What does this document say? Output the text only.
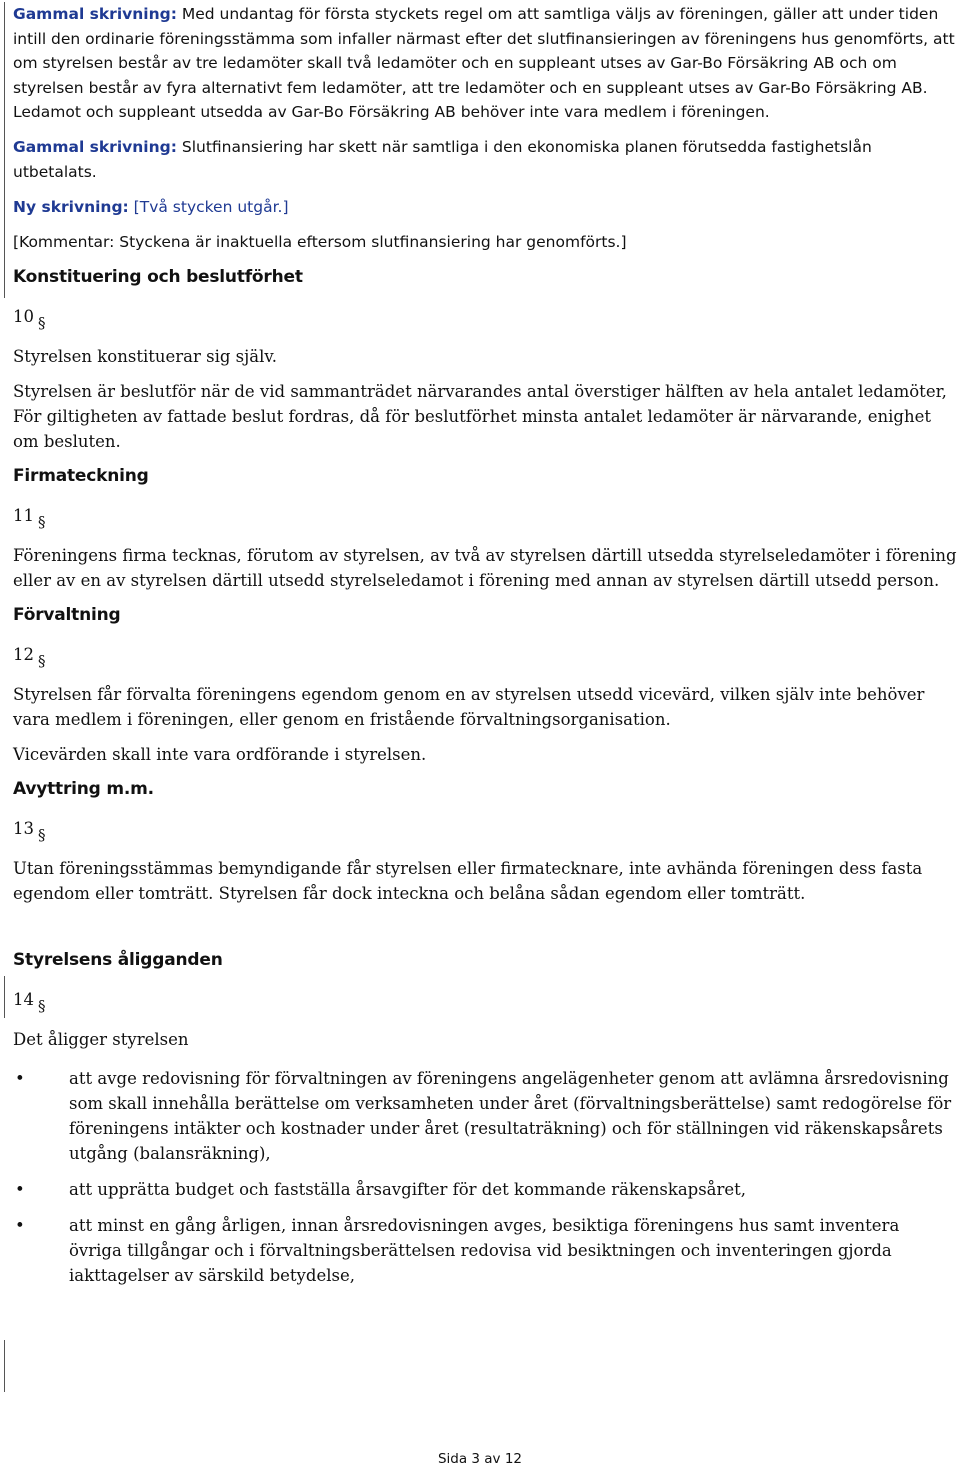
Gammal skrivning: Med undantag för första styckets regel om att samtliga väljs av föreningen, gäller att under tiden intill den ordinarie föreningsstämma som infaller närmast efter det slutfinansieringen av föreningens hus genomförts, att om styrelsen består av tre ledamöter skall två ledamöter och en suppleant utses av Gar-Bo Försäkring AB och om styrelsen består av fyra alternativt fem ledamöter, att tre ledamöter och en suppleant utses av Gar-Bo Försäkring AB. Ledamot och suppleant utsedda av Gar-Bo Försäkring AB behöver inte vara medlem i föreningen.

Gammal skrivning: Slutfinansiering har skett när samtliga i den ekonomiska planen förutsedda fastighetslån utbetalats.

Ny skrivning: [Två stycken utgår.]

[Kommentar: Styckena är inaktuella eftersom slutfinansiering har genomförts.]

Konstituering och beslutförhet
10 §

Styrelsen konstituerar sig själv.

Styrelsen är beslutför när de vid sammanträdet närvarandes antal överstiger hälften av hela antalet ledamöter, För giltigheten av fattade beslut fordras, då för beslutförhet minsta antalet ledamöter är närvarande, enighet om besluten.

Firmateckning
11 §

Föreningens firma tecknas, förutom av styrelsen, av två av styrelsen därtill utsedda styrelseledamöter i förening eller av en av styrelsen därtill utsedd styrelseledamot i förening med annan av styrelsen därtill utsedd person.

Förvaltning
12 §

Styrelsen får förvalta föreningens egendom genom en av styrelsen utsedd vicevärd, vilken själv inte behöver vara medlem i föreningen, eller genom en fristående förvaltningsorganisation.

Vicevärden skall inte vara ordförande i styrelsen.

Avyttring m.m.
13 §

Utan föreningsstämmas bemyndigande får styrelsen eller firmatecknare, inte avhända föreningen dess fasta egendom eller tomträtt. Styrelsen får dock inteckna och belåna sådan egendom eller tomträtt.

Styrelsens åligganden
14 §

Det åligger styrelsen

•	att avge redovisning för förvaltningen av föreningens angelägenheter genom att avlämna årsredovisning som skall innehålla berättelse om verksamheten under året (förvaltningsberättelse) samt redogörelse för föreningens intäkter och kostnader under året (resultaträkning) och för ställningen vid räkenskapsårets utgång (balansräkning),
•	att upprätta budget och fastställa årsavgifter för det kommande räkenskapsåret,
•	att minst en gång årligen, innan årsredovisningen avges, besiktiga föreningens hus samt inventera övriga tillgångar och i förvaltningsberättelsen redovisa vid besiktningen och inventeringen gjorda iakttagelser av särskild betydelse,
Sida 3 av 12
